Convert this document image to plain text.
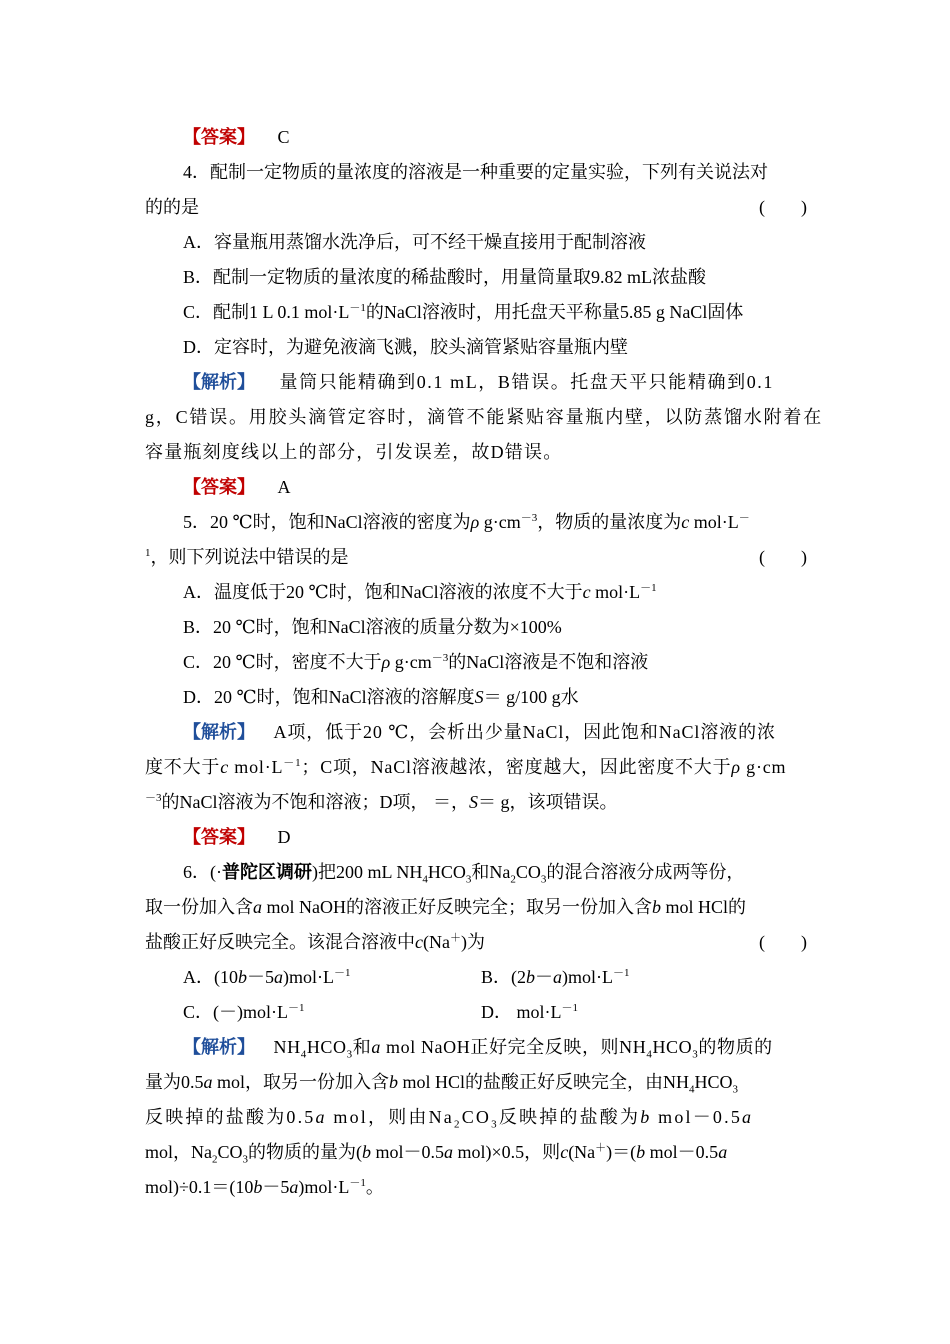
【答案】 C
4．配制一定物质的量浓度的溶液是一种重要的定量实验，下列有关说法对
的的是	(　　)
A．容量瓶用蒸馏水洗净后，可不经干燥直接用于配制溶液
B．配制一定物质的量浓度的稀盐酸时，用量筒量取9.82 mL浓盐酸
C．配制1 L 0.1 $mol\cdot L^{-1}$的NaCl溶液时，用托盘天平称量5.85 g NaCl固体
D．定容时，为避免液滴飞溅，胶头滴管紧贴容量瓶内壁
【解析】 量筒只能精确到0.1 mL，B错误。托盘天平只能精确到0.1
g，C错误。用胶头滴管定容时，滴管不能紧贴容量瓶内壁，以防蒸馏水附着在
容量瓶刻度线以上的部分，引发误差，故D错误。
【答案】 A
5．20 ℃时，饱和NaCl溶液的密度为ρ $g\cdot cm^{-3}$，物质的量浓度为c mol·L－
$^1$，则下列说法中错误的是	(　　)
A．温度低于20 ℃时，饱和NaCl溶液的浓度不大于c $mol\cdot L^{-1}$
B．20 ℃时，饱和NaCl溶液的质量分数为×100%
C．20 ℃时，密度不大于ρ $g\cdot cm^{-3}$的NaCl溶液是不饱和溶液
D．20 ℃时，饱和NaCl溶液的溶解度S＝ g/100 g水
【解析】 A项，低于20 ℃，会析出少量NaCl，因此饱和NaCl溶液的浓
度不大于c $mol\cdot L^{-1}$；C项，NaCl溶液越浓，密度越大，因此密度不大于ρ g·cm
$^{-3}$的NaCl溶液为不饱和溶液；D项， ＝，S＝ g，该项错误。
【答案】 D
6．(·普陀区调研)把200 mL $NH_4HCO_3$和$Na_2CO_3$的混合溶液分成两等份，
取一份加入含a mol NaOH的溶液正好反映完全；取另一份加入含b mol HCl的
盐酸正好反映完全。该混合溶液中c(Na＋)为	(　　)
A．$(10b-5a)mol\cdot L^{-1}$	B．$(2b-a)mol\cdot L^{-1}$
C．$(-)mol\cdot L^{-1}$	D． $mol\cdot L^{-1}$
【解析】 $NH_4HCO_3$和a mol NaOH正好完全反映，则$NH_4HCO_3$的物质的
量为0.5a mol，取另一份加入含b mol HCl的盐酸正好反映完全，由$NH_4HCO_3$
反映掉的盐酸为0.5a mol，则由$Na_2CO_3$反映掉的盐酸为b mol－0.5a
mol，$Na_2CO_3$的物质的量为(b mol－0.5a mol)×0.5，则c(Na＋)＝(b mol－0.5a
$mol)\div 0.1=(10b-5a)mol\cdot L^{-1}$。
